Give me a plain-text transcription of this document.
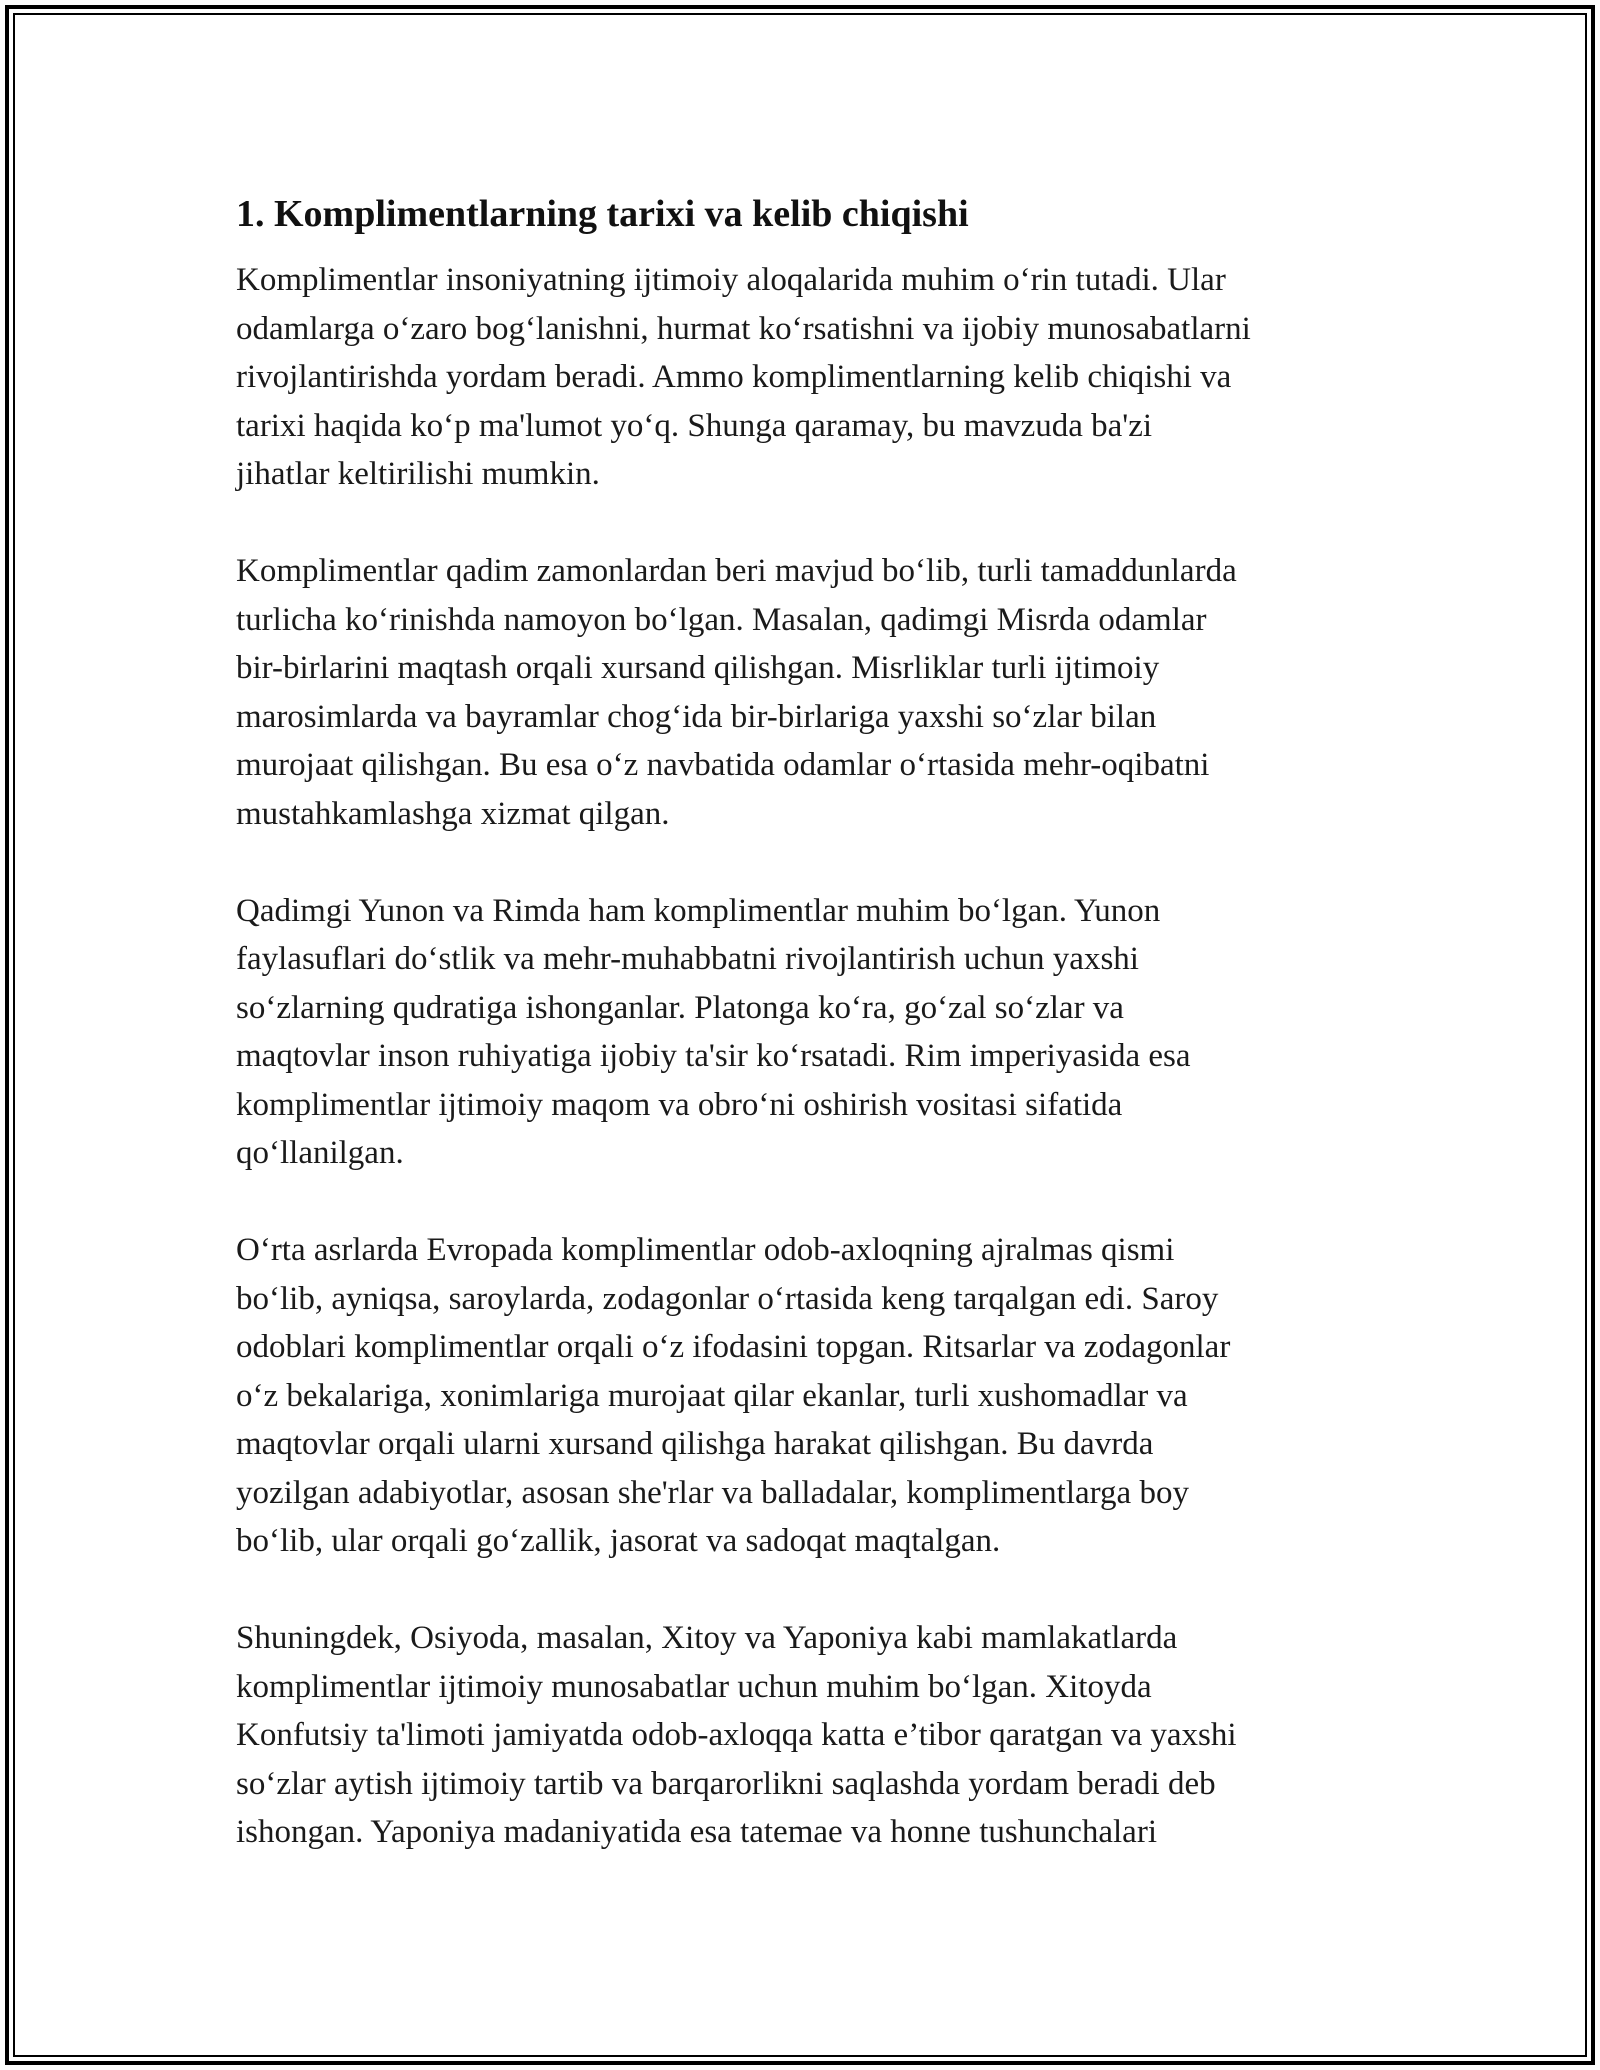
1. Komplimentlarning tarixi va kelib chiqishi

Komplimentlar insoniyatning ijtimoiy aloqalarida muhim o‘rin tutadi. Ular
odamlarga o‘zaro bog‘lanishni, hurmat ko‘rsatishni va ijobiy munosabatlarni
rivojlantirishda yordam beradi. Ammo komplimentlarning kelib chiqishi va
tarixi haqida ko‘p ma'lumot yo‘q. Shunga qaramay, bu mavzuda ba'zi
jihatlar keltirilishi mumkin.

Komplimentlar qadim zamonlardan beri mavjud bo‘lib, turli tamaddunlarda
turlicha ko‘rinishda namoyon bo‘lgan. Masalan, qadimgi Misrda odamlar
bir-birlarini maqtash orqali xursand qilishgan. Misrliklar turli ijtimoiy
marosimlarda va bayramlar chog‘ida bir-birlariga yaxshi so‘zlar bilan
murojaat qilishgan. Bu esa o‘z navbatida odamlar o‘rtasida mehr-oqibatni
mustahkamlashga xizmat qilgan.

Qadimgi Yunon va Rimda ham komplimentlar muhim bo‘lgan. Yunon
faylasuflari do‘stlik va mehr-muhabbatni rivojlantirish uchun yaxshi
so‘zlarning qudratiga ishonganlar. Platonga ko‘ra, go‘zal so‘zlar va
maqtovlar inson ruhiyatiga ijobiy ta'sir ko‘rsatadi. Rim imperiyasida esa
komplimentlar ijtimoiy maqom va obro‘ni oshirish vositasi sifatida
qo‘llanilgan.

O‘rta asrlarda Evropada komplimentlar odob-axloqning ajralmas qismi
bo‘lib, ayniqsa, saroylarda, zodagonlar o‘rtasida keng tarqalgan edi. Saroy
odoblari komplimentlar orqali o‘z ifodasini topgan. Ritsarlar va zodagonlar
o‘z bekalariga, xonimlariga murojaat qilar ekanlar, turli xushomadlar va
maqtovlar orqali ularni xursand qilishga harakat qilishgan. Bu davrda
yozilgan adabiyotlar, asosan she'rlar va balladalar, komplimentlarga boy
bo‘lib, ular orqali go‘zallik, jasorat va sadoqat maqtalgan.

Shuningdek, Osiyoda, masalan, Xitoy va Yaponiya kabi mamlakatlarda
komplimentlar ijtimoiy munosabatlar uchun muhim bo‘lgan. Xitoyda
Konfutsiy ta'limoti jamiyatda odob-axloqqa katta e’tibor qaratgan va yaxshi
so‘zlar aytish ijtimoiy tartib va barqarorlikni saqlashda yordam beradi deb
ishongan. Yaponiya madaniyatida esa tatemae va honne tushunchalari
